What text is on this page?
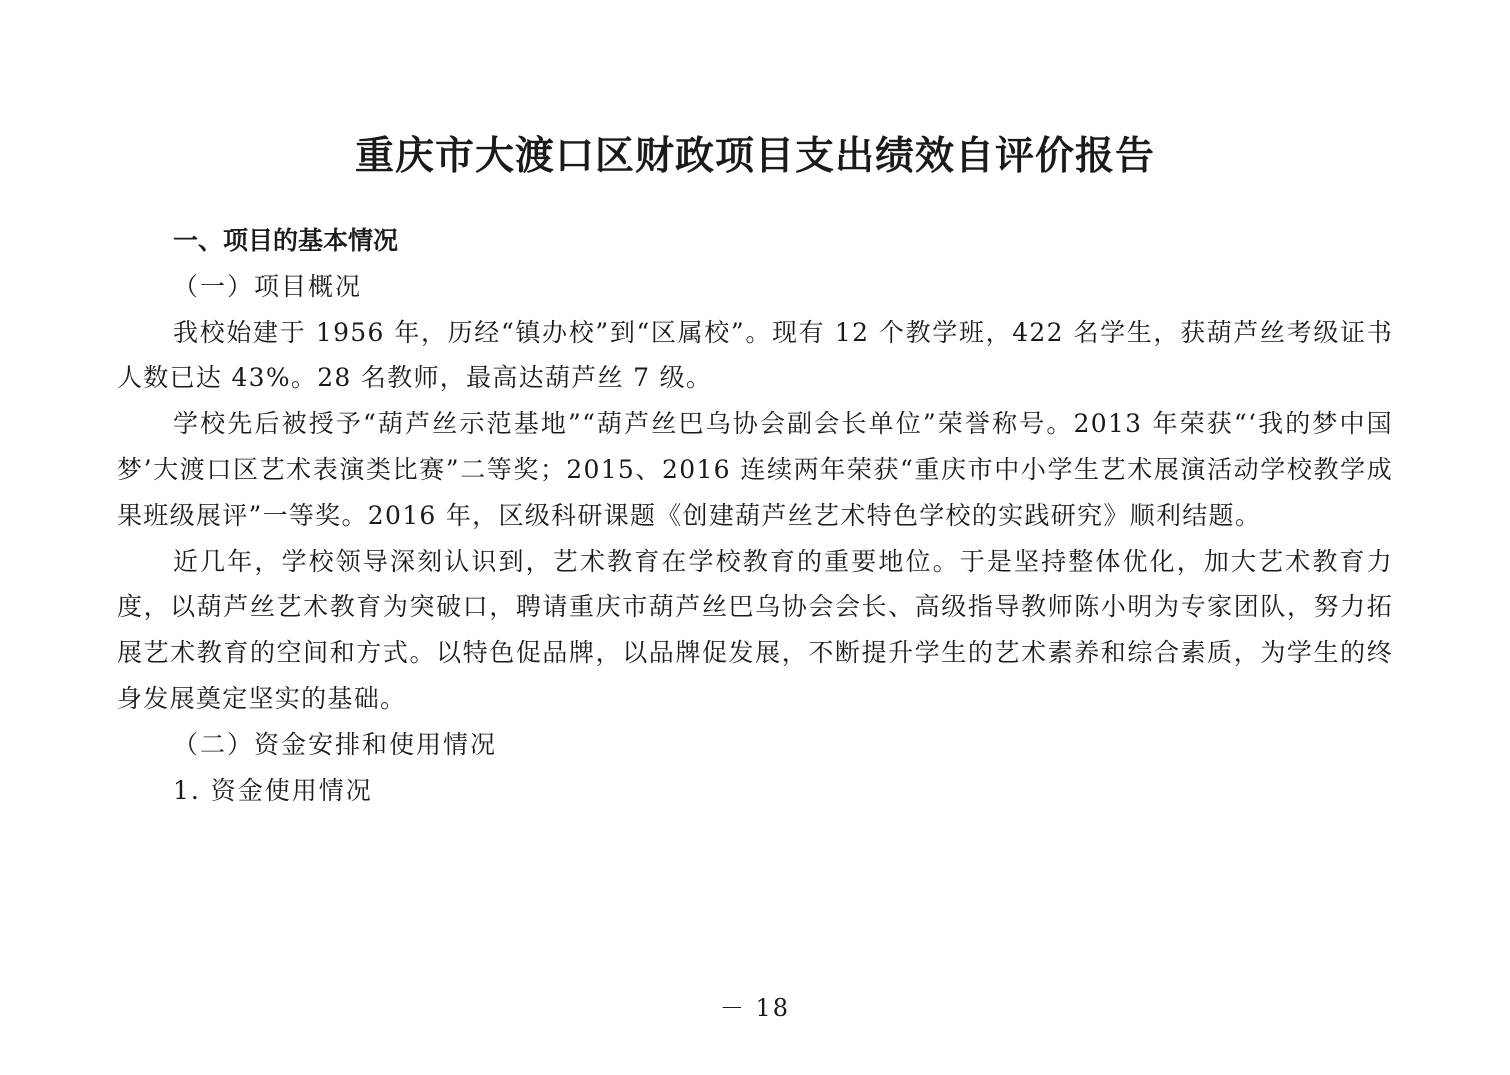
重庆市大渡口区财政项目支出绩效自评价报告

一、项目的基本情况

（一）项目概况

我校始建于 1956 年，历经“镇办校”到“区属校”。现有 12 个教学班，422 名学生，获葫芦丝考级证书人数已达 43%。28 名教师，最高达葫芦丝 7 级。

学校先后被授予“葫芦丝示范基地”“葫芦丝巴乌协会副会长单位”荣誉称号。2013 年荣获“‘我的梦中国梦’大渡口区艺术表演类比赛”二等奖；2015、2016 连续两年荣获“重庆市中小学生艺术展演活动学校教学成果班级展评”一等奖。2016 年，区级科研课题《创建葫芦丝艺术特色学校的实践研究》顺利结题。

近几年，学校领导深刻认识到，艺术教育在学校教育的重要地位。于是坚持整体优化，加大艺术教育力度，以葫芦丝艺术教育为突破口，聘请重庆市葫芦丝巴乌协会会长、高级指导教师陈小明为专家团队，努力拓展艺术教育的空间和方式。以特色促品牌，以品牌促发展，不断提升学生的艺术素养和综合素质，为学生的终身发展奠定坚实的基础。

（二）资金安排和使用情况

1. 资金使用情况

－ 18
